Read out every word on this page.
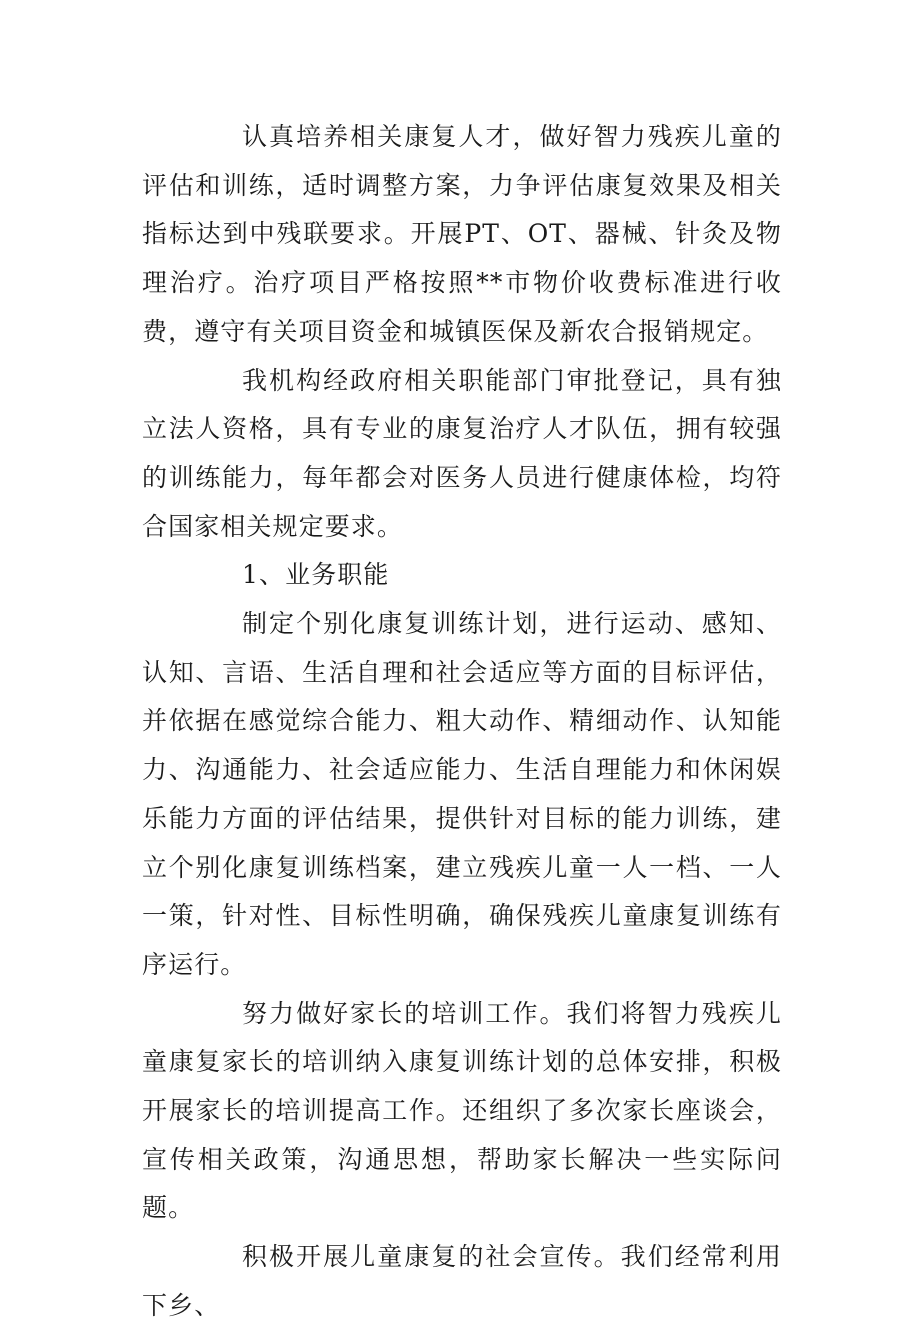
认真培养相关康复人才，做好智力残疾儿童的评估和训练，适时调整方案，力争评估康复效果及相关指标达到中残联要求。开展PT、OT、器械、针灸及物理治疗。治疗项目严格按照**市物价收费标准进行收费，遵守有关项目资金和城镇医保及新农合报销规定。

我机构经政府相关职能部门审批登记，具有独立法人资格，具有专业的康复治疗人才队伍，拥有较强的训练能力，每年都会对医务人员进行健康体检，均符合国家相关规定要求。

1、业务职能

制定个别化康复训练计划，进行运动、感知、认知、言语、生活自理和社会适应等方面的目标评估，并依据在感觉综合能力、粗大动作、精细动作、认知能力、沟通能力、社会适应能力、生活自理能力和休闲娱乐能力方面的评估结果，提供针对目标的能力训练，建立个别化康复训练档案，建立残疾儿童一人一档、一人一策，针对性、目标性明确，确保残疾儿童康复训练有序运行。

努力做好家长的培训工作。我们将智力残疾儿童康复家长的培训纳入康复训练计划的总体安排，积极开展家长的培训提高工作。还组织了多次家长座谈会，宣传相关政策，沟通思想，帮助家长解决一些实际问题。

积极开展儿童康复的社会宣传。我们经常利用下乡、
